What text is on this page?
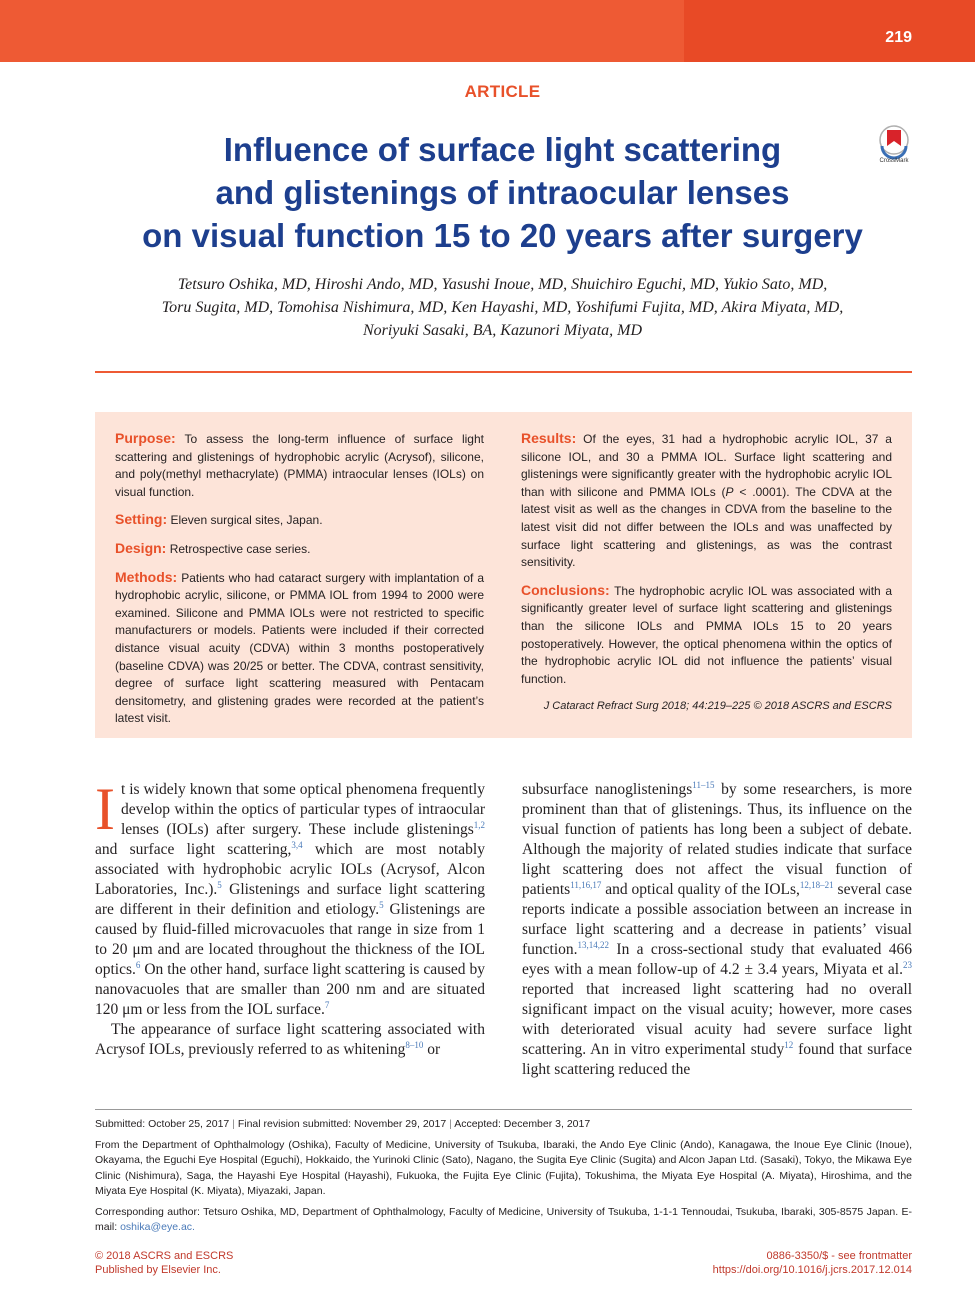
219
ARTICLE
Influence of surface light scattering
and glistenings of intraocular lenses
on visual function 15 to 20 years after surgery
CrossMark
Tetsuro Oshika, MD, Hiroshi Ando, MD, Yasushi Inoue, MD, Shuichiro Eguchi, MD, Yukio Sato, MD,
Toru Sugita, MD, Tomohisa Nishimura, MD, Ken Hayashi, MD, Yoshifumi Fujita, MD, Akira Miyata, MD,
Noriyuki Sasaki, BA, Kazunori Miyata, MD

Purpose: To assess the long-term influence of surface light scattering and glistenings of hydrophobic acrylic (Acrysof), silicone, and poly(methyl methacrylate) (PMMA) intraocular lenses (IOLs) on visual function.

Setting: Eleven surgical sites, Japan.

Design: Retrospective case series.

Methods: Patients who had cataract surgery with implantation of a hydrophobic acrylic, silicone, or PMMA IOL from 1994 to 2000 were examined. Silicone and PMMA IOLs were not restricted to specific manufacturers or models. Patients were included if their corrected distance visual acuity (CDVA) within 3 months postoperatively (baseline CDVA) was 20/25 or better. The CDVA, contrast sensitivity, degree of surface light scattering measured with Pentacam densitometry, and glistening grades were recorded at the patient’s latest visit.

Results: Of the eyes, 31 had a hydrophobic acrylic IOL, 37 a silicone IOL, and 30 a PMMA IOL. Surface light scattering and glistenings were significantly greater with the hydrophobic acrylic IOL than with silicone and PMMA IOLs (P < .0001). The CDVA at the latest visit as well as the changes in CDVA from the baseline to the latest visit did not differ between the IOLs and was unaffected by surface light scattering and glistenings, as was the contrast sensitivity.

Conclusions: The hydrophobic acrylic IOL was associated with a significantly greater level of surface light scattering and glistenings than the silicone IOLs and PMMA IOLs 15 to 20 years postoperatively. However, the optical phenomena within the optics of the hydrophobic acrylic IOL did not influence the patients’ visual function.

J Cataract Refract Surg 2018; 44:219–225 © 2018 ASCRS and ESCRS

It is widely known that some optical phenomena frequently develop within the optics of particular types of intraocular lenses (IOLs) after surgery. These include glistenings$^{1,2}$ and surface light scattering,$^{3,4}$ which are most notably associated with hydrophobic acrylic IOLs (Acrysof, Alcon Laboratories, Inc.).$^5$ Glistenings and surface light scattering are different in their definition and etiology.$^5$ Glistenings are caused by fluid-filled microvacuoles that range in size from 1 to 20 μm and are located throughout the thickness of the IOL optics.$^6$ On the other hand, surface light scattering is caused by nanovacuoles that are smaller than 200 nm and are situated 120 μm or less from the IOL surface.$^7$

The appearance of surface light scattering associated with Acrysof IOLs, previously referred to as whitening$^{8-10}$ or

subsurface nanoglistenings$^{11-15}$ by some researchers, is more prominent than that of glistenings. Thus, its influence on the visual function of patients has long been a subject of debate. Although the majority of related studies indicate that surface light scattering does not affect the visual function of patients$^{11,16,17}$ and optical quality of the IOLs,$^{12,18-21}$ several case reports indicate a possible association between an increase in surface light scattering and a decrease in patients’ visual function.$^{13,14,22}$ In a cross-sectional study that evaluated 466 eyes with a mean follow-up of 4.2 ± 3.4 years, Miyata et al.$^{23}$ reported that increased light scattering had no overall significant impact on the visual acuity; however, more cases with deteriorated visual acuity had severe surface light scattering. An in vitro experimental study$^{12}$ found that surface light scattering reduced the

Submitted: October 25, 2017 | Final revision submitted: November 29, 2017 | Accepted: December 3, 2017

From the Department of Ophthalmology (Oshika), Faculty of Medicine, University of Tsukuba, Ibaraki, the Ando Eye Clinic (Ando), Kanagawa, the Inoue Eye Clinic (Inoue), Okayama, the Eguchi Eye Hospital (Eguchi), Hokkaido, the Yurinoki Clinic (Sato), Nagano, the Sugita Eye Clinic (Sugita) and Alcon Japan Ltd. (Sasaki), Tokyo, the Mikawa Eye Clinic (Nishimura), Saga, the Hayashi Eye Hospital (Hayashi), Fukuoka, the Fujita Eye Clinic (Fujita), Tokushima, the Miyata Eye Hospital (A. Miyata), Hiroshima, and the Miyata Eye Hospital (K. Miyata), Miyazaki, Japan.

Corresponding author: Tetsuro Oshika, MD, Department of Ophthalmology, Faculty of Medicine, University of Tsukuba, 1-1-1 Tennoudai, Tsukuba, Ibaraki, 305-8575 Japan. E-mail: oshika@eye.ac.

© 2018 ASCRS and ESCRS
Published by Elsevier Inc.
0886-3350/$ - see frontmatter
https://doi.org/10.1016/j.jcrs.2017.12.014
